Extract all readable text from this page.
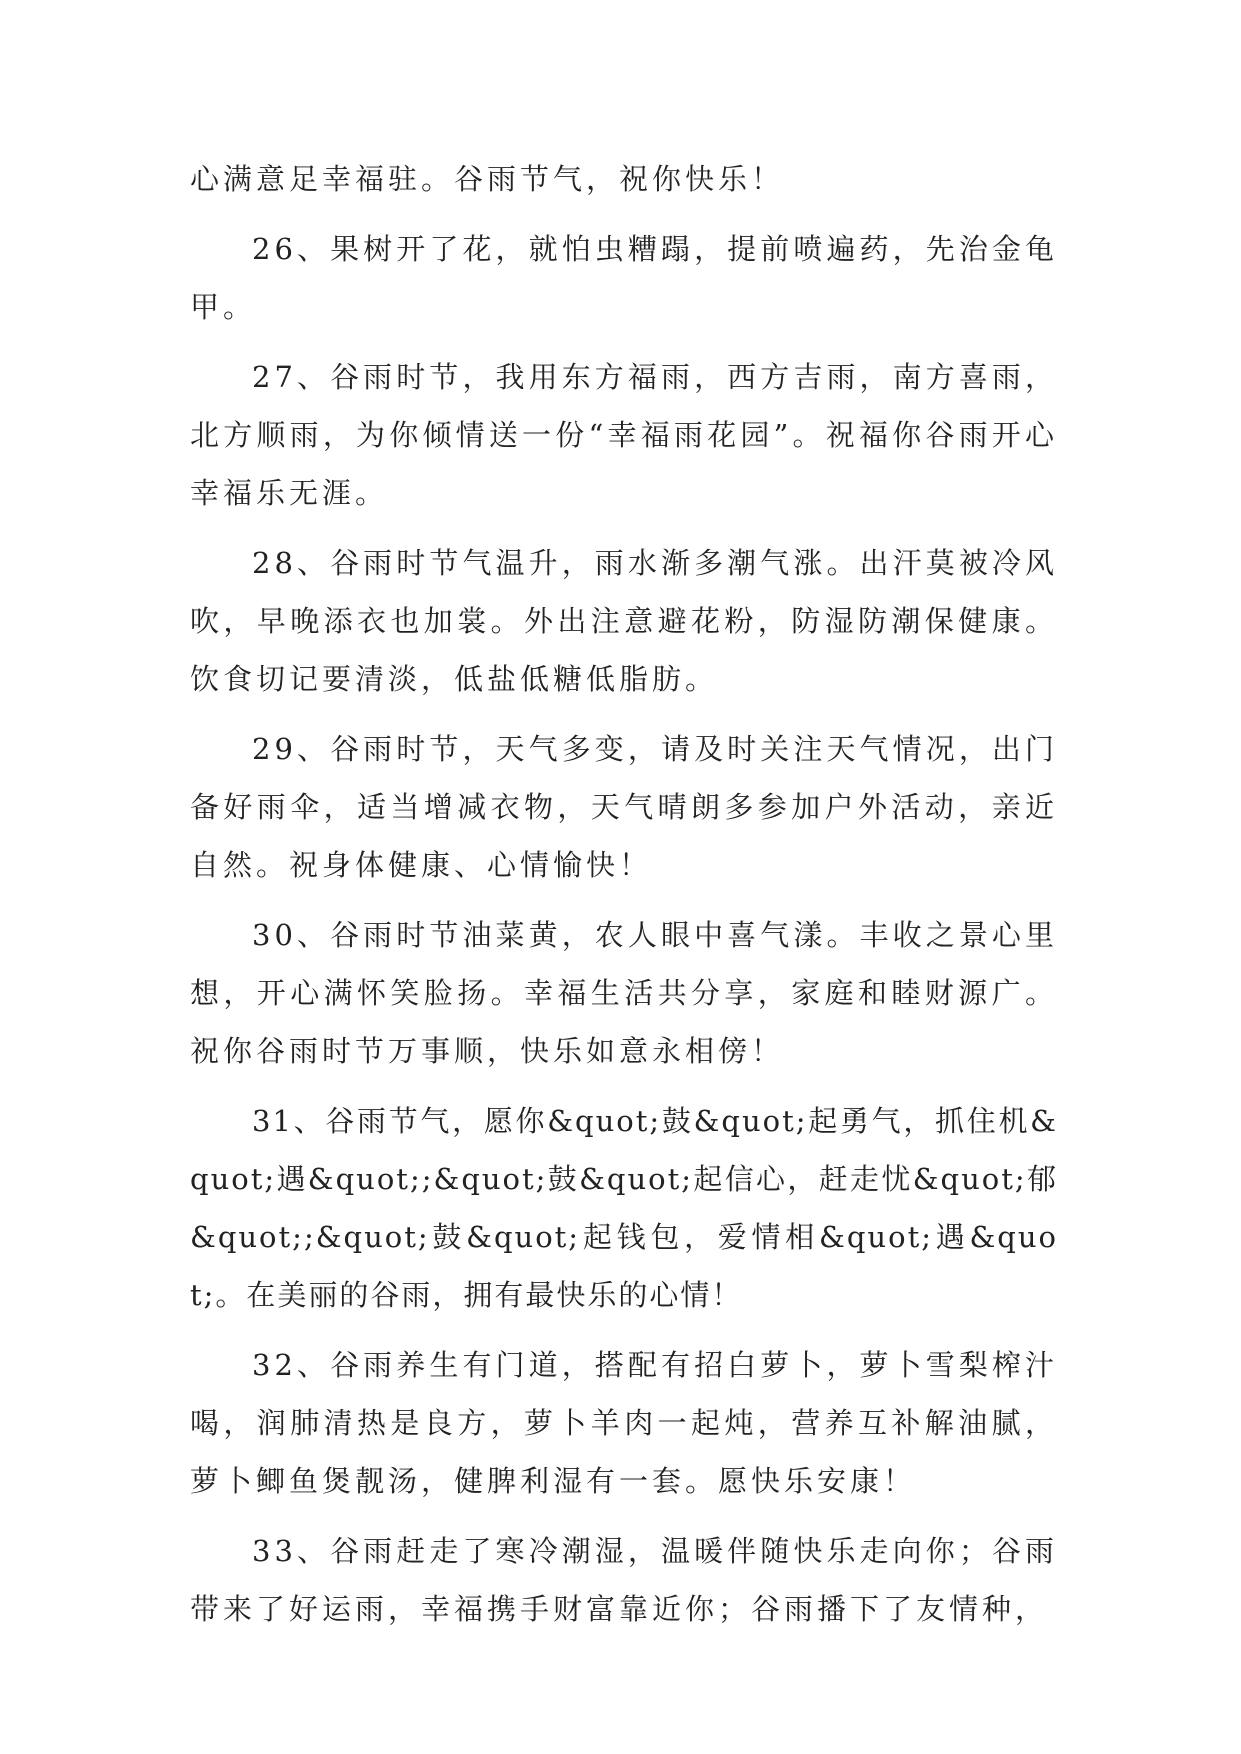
心满意足幸福驻。谷雨节气，祝你快乐！

26、果树开了花，就怕虫糟蹋，提前喷遍药，先治金龟甲。

27、谷雨时节，我用东方福雨，西方吉雨，南方喜雨，北方顺雨，为你倾情送一份“幸福雨花园”。祝福你谷雨开心幸福乐无涯。

28、谷雨时节气温升，雨水渐多潮气涨。出汗莫被冷风吹，早晚添衣也加裳。外出注意避花粉，防湿防潮保健康。饮食切记要清淡，低盐低糖低脂肪。

29、谷雨时节，天气多变，请及时关注天气情况，出门备好雨伞，适当增减衣物，天气晴朗多参加户外活动，亲近自然。祝身体健康、心情愉快！

30、谷雨时节油菜黄，农人眼中喜气漾。丰收之景心里想，开心满怀笑脸扬。幸福生活共分享，家庭和睦财源广。祝你谷雨时节万事顺，快乐如意永相傍！

31、谷雨节气，愿你&quot;鼓&quot;起勇气，抓住机&quot;遇&quot;;&quot;鼓&quot;起信心，赶走忧&quot;郁&quot;;&quot;鼓&quot;起钱包，爱情相&quot;遇&quot;。在美丽的谷雨，拥有最快乐的心情！

32、谷雨养生有门道，搭配有招白萝卜，萝卜雪梨榨汁喝，润肺清热是良方，萝卜羊肉一起炖，营养互补解油腻，萝卜鲫鱼煲靓汤，健脾利湿有一套。愿快乐安康！

33、谷雨赶走了寒冷潮湿，温暖伴随快乐走向你；谷雨带来了好运雨，幸福携手财富靠近你；谷雨播下了友情种，
